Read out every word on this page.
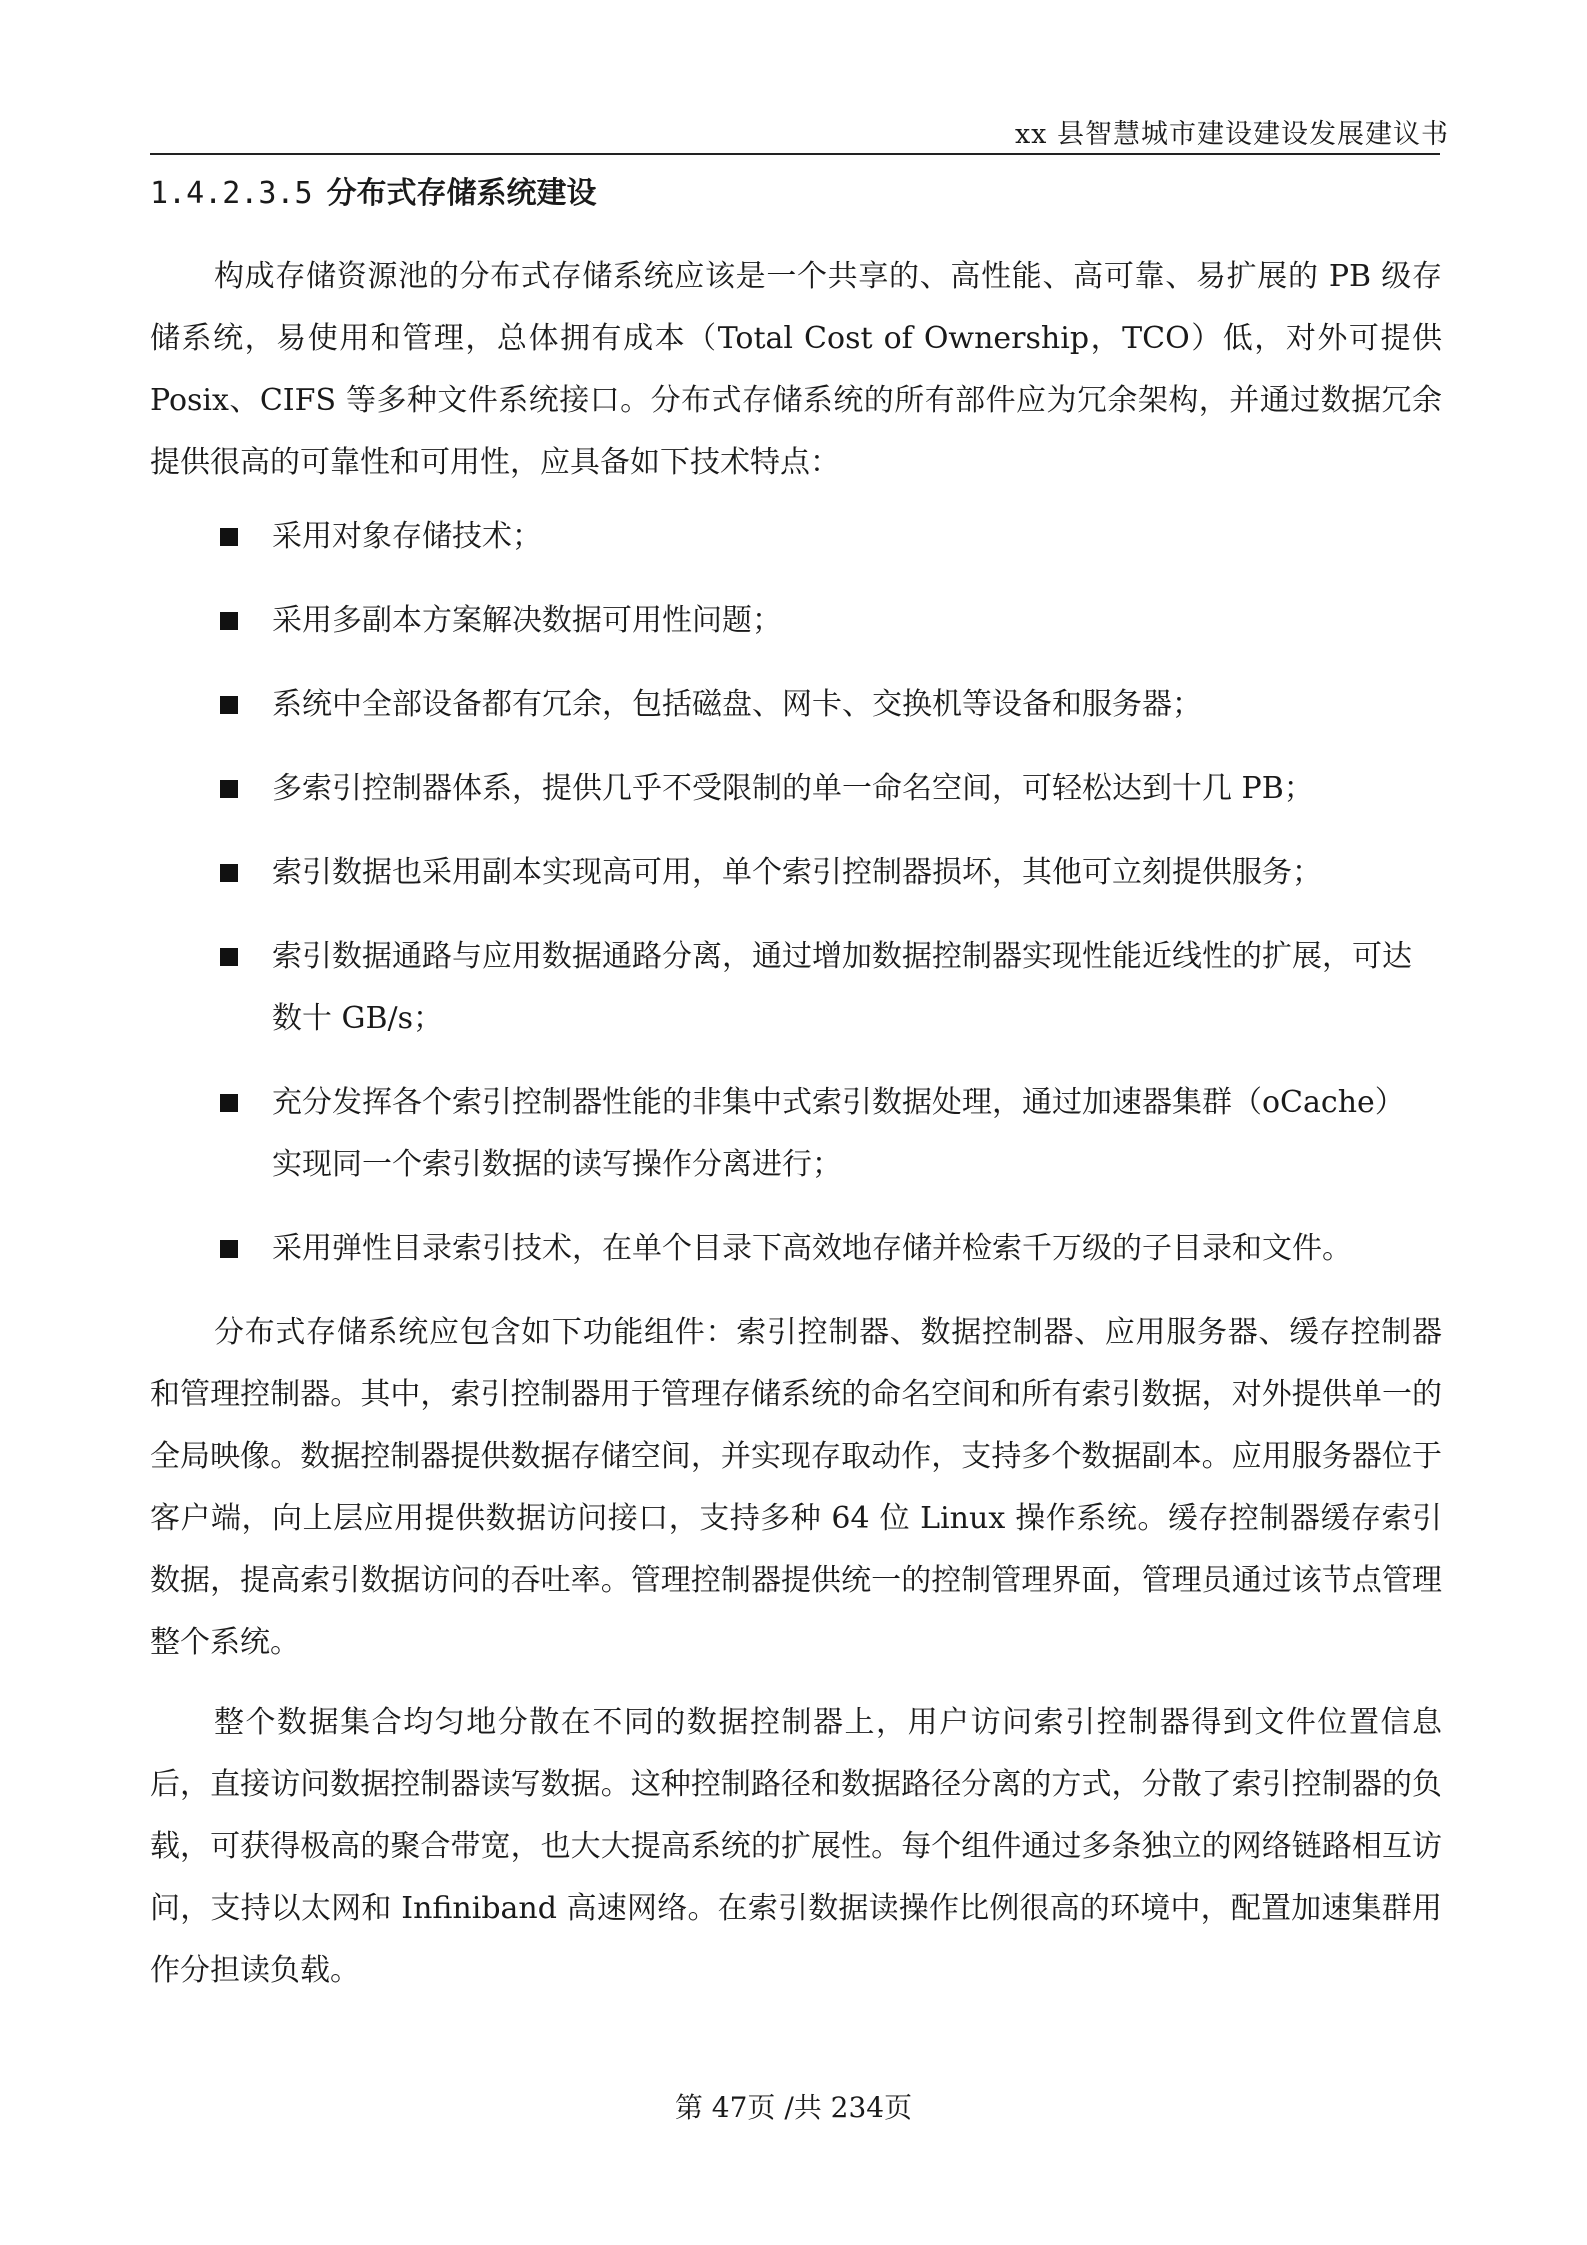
xx 县智慧城市建设建设发展建议书
1.4.2.3.5 分布式存储系统建设

构成存储资源池的分布式存储系统应该是一个共享的、高性能、高可靠、易扩展的 PB 级存储系统，易使用和管理，总体拥有成本（Total Cost of Ownership，TCO）低，对外可提供 Posix、CIFS 等多种文件系统接口。分布式存储系统的所有部件应为冗余架构，并通过数据冗余提供很高的可靠性和可用性，应具备如下技术特点：

采用对象存储技术；
采用多副本方案解决数据可用性问题；
系统中全部设备都有冗余，包括磁盘、网卡、交换机等设备和服务器；
多索引控制器体系，提供几乎不受限制的单一命名空间，可轻松达到十几 PB；
索引数据也采用副本实现高可用，单个索引控制器损坏，其他可立刻提供服务；
索引数据通路与应用数据通路分离，通过增加数据控制器实现性能近线性的扩展，可达数十 GB/s；
充分发挥各个索引控制器性能的非集中式索引数据处理，通过加速器集群（oCache）实现同一个索引数据的读写操作分离进行；
采用弹性目录索引技术，在单个目录下高效地存储并检索千万级的子目录和文件。

分布式存储系统应包含如下功能组件：索引控制器、数据控制器、应用服务器、缓存控制器和管理控制器。其中，索引控制器用于管理存储系统的命名空间和所有索引数据，对外提供单一的全局映像。数据控制器提供数据存储空间，并实现存取动作，支持多个数据副本。应用服务器位于客户端，向上层应用提供数据访问接口，支持多种 64 位 Linux 操作系统。缓存控制器缓存索引数据，提高索引数据访问的吞吐率。管理控制器提供统一的控制管理界面，管理员通过该节点管理整个系统。

整个数据集合均匀地分散在不同的数据控制器上，用户访问索引控制器得到文件位置信息后，直接访问数据控制器读写数据。这种控制路径和数据路径分离的方式，分散了索引控制器的负载，可获得极高的聚合带宽，也大大提高系统的扩展性。每个组件通过多条独立的网络链路相互访问，支持以太网和 Infiniband 高速网络。在索引数据读操作比例很高的环境中，配置加速集群用作分担读负载。

第 47页 /共 234页
